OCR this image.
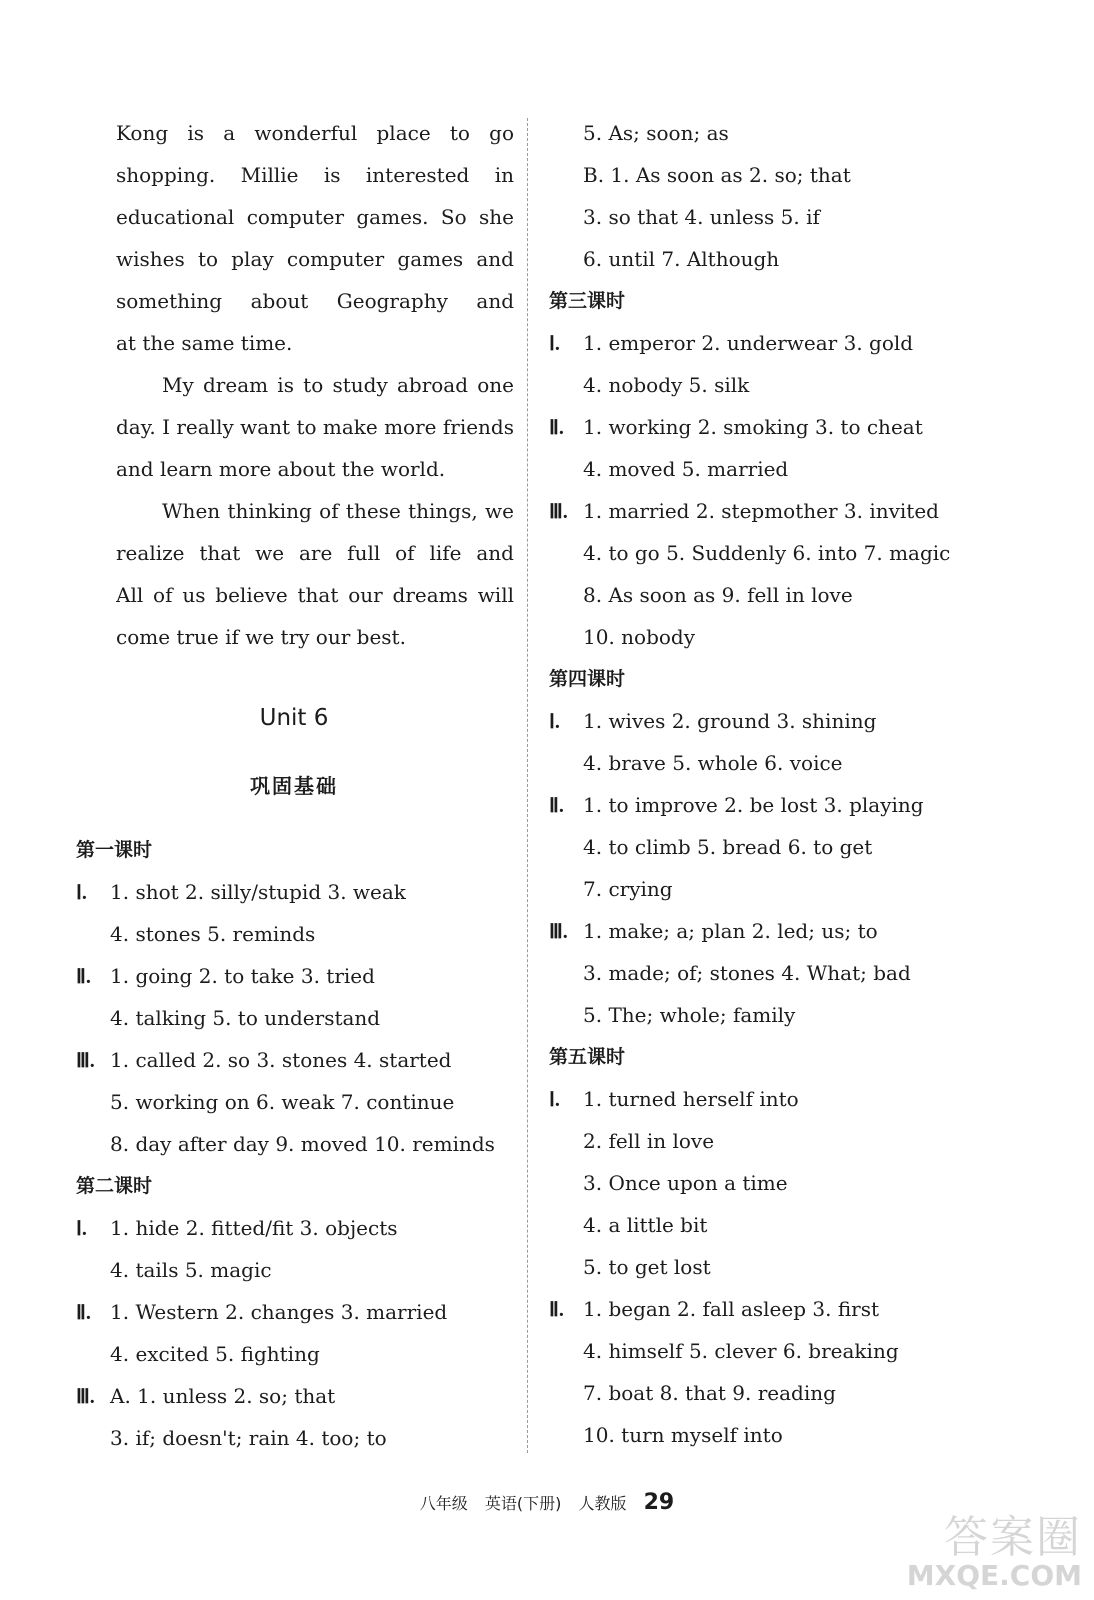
Kong is a wonderful place to go
shopping. Millie is interested in
educational computer games. So she
wishes to play computer games and
something about Geography and
at the same time.
My dream is to study abroad one
day. I really want to make more friends
and learn more about the world.
When thinking of these things, we
realize that we are full of life and
All of us believe that our dreams will
come true if we try our best.
Unit 6
巩固基础
第一课时
Ⅰ.	1. shot 2. silly/stupid 3. weak
4. stones 5. reminds
Ⅱ. 1. going 2. to take 3. tried
4. talking 5. to understand
Ⅲ. 1. called 2. so 3. stones 4. started
5. working on 6. weak 7. continue
8. day after day 9. moved 10. reminds
第二课时
Ⅰ.	1. hide 2. fitted/fit 3. objects
4. tails 5. magic
Ⅱ. 1. Western 2. changes 3. married
4. excited 5. fighting
Ⅲ. A. 1. unless 2. so; that
3. if; doesn't; rain 4. too; to
5. As; soon; as
B. 1. As soon as 2. so; that
3. so that 4. unless 5. if
6. until 7. Although
第三课时
Ⅰ.	1. emperor 2. underwear 3. gold
4. nobody 5. silk
Ⅱ. 1. working 2. smoking 3. to cheat
4. moved 5. married
Ⅲ. 1. married 2. stepmother 3. invited
4. to go 5. Suddenly 6. into 7. magic
8. As soon as 9. fell in love
10. nobody
第四课时
Ⅰ.	1. wives 2. ground 3. shining
4. brave 5. whole 6. voice
Ⅱ. 1. to improve 2. be lost 3. playing
4. to climb 5. bread 6. to get
7. crying
Ⅲ. 1. make; a; plan 2. led; us; to
3. made; of; stones 4. What; bad
5. The; whole; family
第五课时
Ⅰ.	1. turned herself into
2. fell in love
3. Once upon a time
4. a little bit
5. to get lost
Ⅱ. 1. began 2. fall asleep 3. first
4. himself 5. clever 6. breaking
7. boat 8. that 9. reading
10. turn myself into
八年级 英语(下册) 人教版 29
答案圈
MXQE.COM
